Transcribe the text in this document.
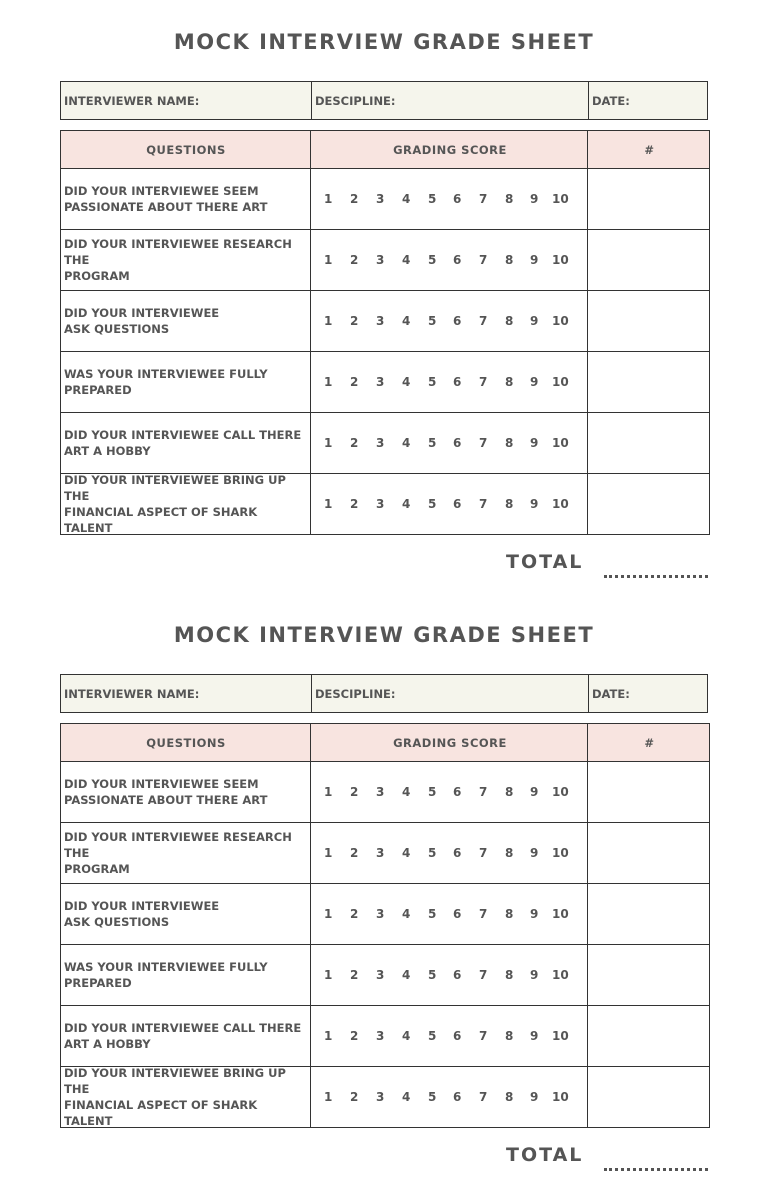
MOCK INTERVIEW GRADE SHEET
INTERVIEWER NAME:	DESCIPLINE:	DATE:
QUESTIONS	GRADING SCORE	#
DID YOUR INTERVIEWEE SEEM
PASSIONATE ABOUT THERE ART
1 2 3 4 5 6 7 8 9 10
DID YOUR INTERVIEWEE RESEARCH THE
PROGRAM
1 2 3 4 5 6 7 8 9 10
DID YOUR INTERVIEWEE
ASK QUESTIONS
1 2 3 4 5 6 7 8 9 10
WAS YOUR INTERVIEWEE FULLY
PREPARED
1 2 3 4 5 6 7 8 9 10
DID YOUR INTERVIEWEE CALL THERE
ART A HOBBY
1 2 3 4 5 6 7 8 9 10
DID YOUR INTERVIEWEE BRING UP THE
FINANCIAL ASPECT OF SHARK TALENT
1 2 3 4 5 6 7 8 9 10
TOTAL
MOCK INTERVIEW GRADE SHEET
INTERVIEWER NAME:	DESCIPLINE:	DATE:
QUESTIONS	GRADING SCORE	#
DID YOUR INTERVIEWEE SEEM
PASSIONATE ABOUT THERE ART
1 2 3 4 5 6 7 8 9 10
DID YOUR INTERVIEWEE RESEARCH THE
PROGRAM
1 2 3 4 5 6 7 8 9 10
DID YOUR INTERVIEWEE
ASK QUESTIONS
1 2 3 4 5 6 7 8 9 10
WAS YOUR INTERVIEWEE FULLY
PREPARED
1 2 3 4 5 6 7 8 9 10
DID YOUR INTERVIEWEE CALL THERE
ART A HOBBY
1 2 3 4 5 6 7 8 9 10
DID YOUR INTERVIEWEE BRING UP THE
FINANCIAL ASPECT OF SHARK TALENT
1 2 3 4 5 6 7 8 9 10
TOTAL
